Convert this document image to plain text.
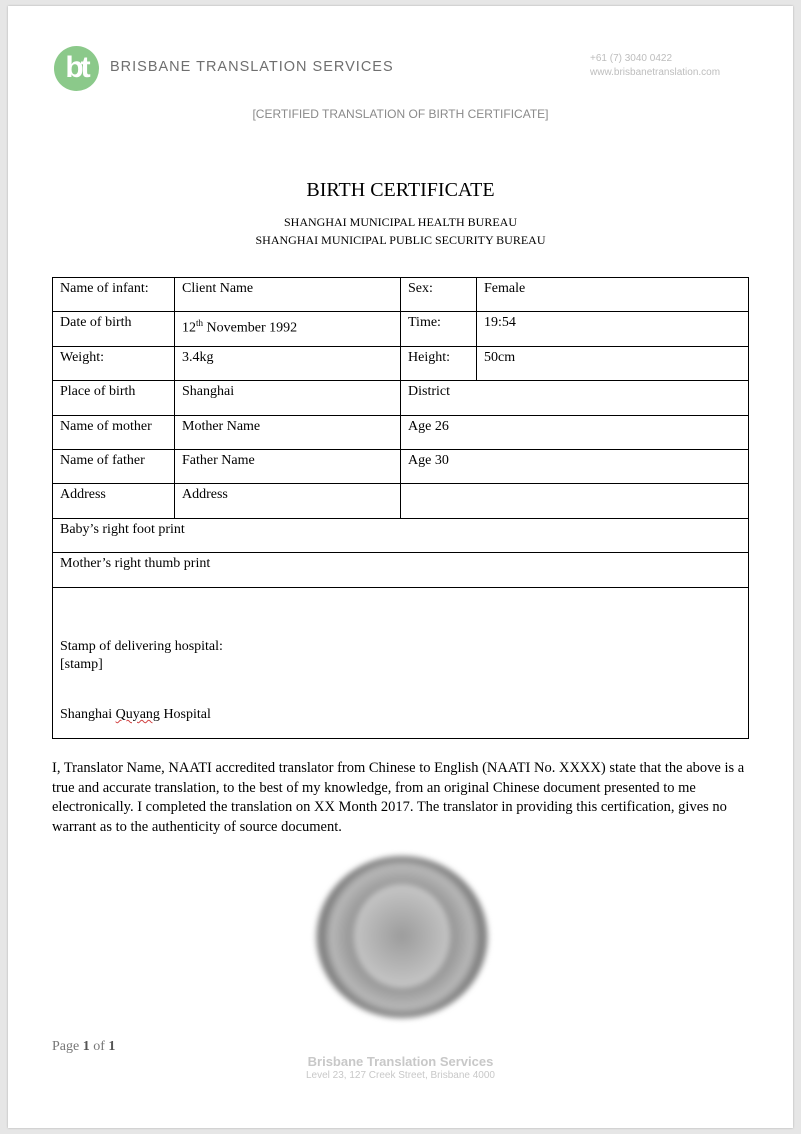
bt	BRISBANE TRANSLATION SERVICES
+61 (7) 3040 0422
www.brisbanetranslation.com
[CERTIFIED TRANSLATION OF BIRTH CERTIFICATE]
BIRTH CERTIFICATE
SHANGHAI MUNICIPAL HEALTH BUREAU
SHANGHAI MUNICIPAL PUBLIC SECURITY BUREAU
Name of infant:	Client Name	Sex:	Female
Date of birth	12th November 1992	Time:	19:54
Weight:	3.4kg	Height:	50cm
Place of birth	Shanghai	District	
Name of mother	Mother Name	Age 26	
Name of father	Father Name	Age 30	
Address	Address		
Baby’s right foot print			
Mother’s right thumb print			

Stamp of delivering hospital:
[stamp]
Shanghai Quyang Hospital			
I, Translator Name, NAATI accredited translator from Chinese to English (NAATI No. XXXX) state that the above is a true and accurate translation, to the best of my knowledge, from an original Chinese document presented to me electronically. I completed the translation on XX Month 2017. The translator in providing this certification, gives no warrant as to the authenticity of source document.
Page 1 of 1
Brisbane Translation Services
Level 23, 127 Creek Street, Brisbane 4000
